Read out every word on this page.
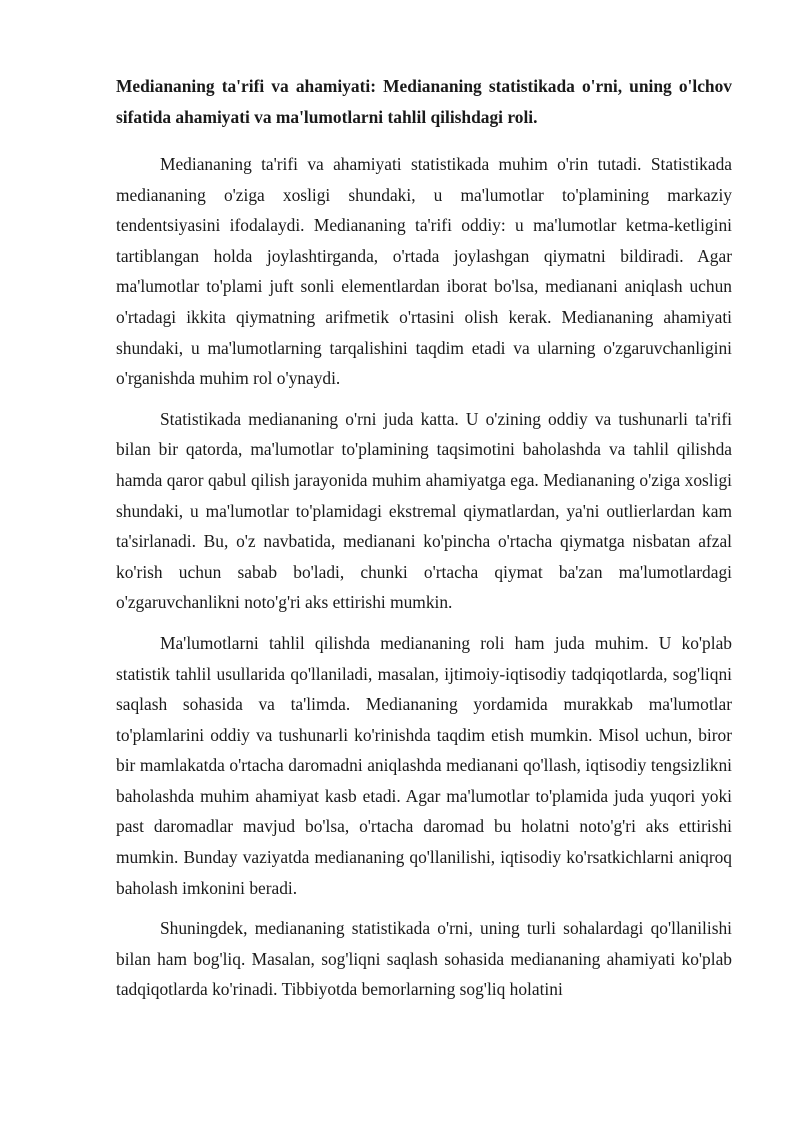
Mediananing ta'rifi va ahamiyati: Mediananing statistikada o'rni, uning o'lchov sifatida ahamiyati va ma'lumotlarni tahlil qilishdagi roli.

Mediananing ta'rifi va ahamiyati statistikada muhim o'rin tutadi. Statistikada mediananing o'ziga xosligi shundaki, u ma'lumotlar to'plamining markaziy tendentsiyasini ifodalaydi. Mediananing ta'rifi oddiy: u ma'lumotlar ketma-ketligini tartiblangan holda joylashtirganda, o'rtada joylashgan qiymatni bildiradi. Agar ma'lumotlar to'plami juft sonli elementlardan iborat bo'lsa, medianani aniqlash uchun o'rtadagi ikkita qiymatning arifmetik o'rtasini olish kerak. Mediananing ahamiyati shundaki, u ma'lumotlarning tarqalishini taqdim etadi va ularning o'zgaruvchanligini o'rganishda muhim rol o'ynaydi.

Statistikada mediananing o'rni juda katta. U o'zining oddiy va tushunarli ta'rifi bilan bir qatorda, ma'lumotlar to'plamining taqsimotini baholashda va tahlil qilishda hamda qaror qabul qilish jarayonida muhim ahamiyatga ega. Mediananing o'ziga xosligi shundaki, u ma'lumotlar to'plamidagi ekstremal qiymatlardan, ya'ni outlierlardan kam ta'sirlanadi. Bu, o'z navbatida, medianani ko'pincha o'rtacha qiymatga nisbatan afzal ko'rish uchun sabab bo'ladi, chunki o'rtacha qiymat ba'zan ma'lumotlardagi o'zgaruvchanlikni noto'g'ri aks ettirishi mumkin.

Ma'lumotlarni tahlil qilishda mediananing roli ham juda muhim. U ko'plab statistik tahlil usullarida qo'llaniladi, masalan, ijtimoiy-iqtisodiy tadqiqotlarda, sog'liqni saqlash sohasida va ta'limda. Mediananing yordamida murakkab ma'lumotlar to'plamlarini oddiy va tushunarli ko'rinishda taqdim etish mumkin. Misol uchun, biror bir mamlakatda o'rtacha daromadni aniqlashda medianani qo'llash, iqtisodiy tengsizlikni baholashda muhim ahamiyat kasb etadi. Agar ma'lumotlar to'plamida juda yuqori yoki past daromadlar mavjud bo'lsa, o'rtacha daromad bu holatni noto'g'ri aks ettirishi mumkin. Bunday vaziyatda mediananing qo'llanilishi, iqtisodiy ko'rsatkichlarni aniqroq baholash imkonini beradi.

Shuningdek, mediananing statistikada o'rni, uning turli sohalardagi qo'llanilishi bilan ham bog'liq. Masalan, sog'liqni saqlash sohasida mediananing ahamiyati ko'plab tadqiqotlarda ko'rinadi. Tibbiyotda bemorlarning sog'liq holatini
